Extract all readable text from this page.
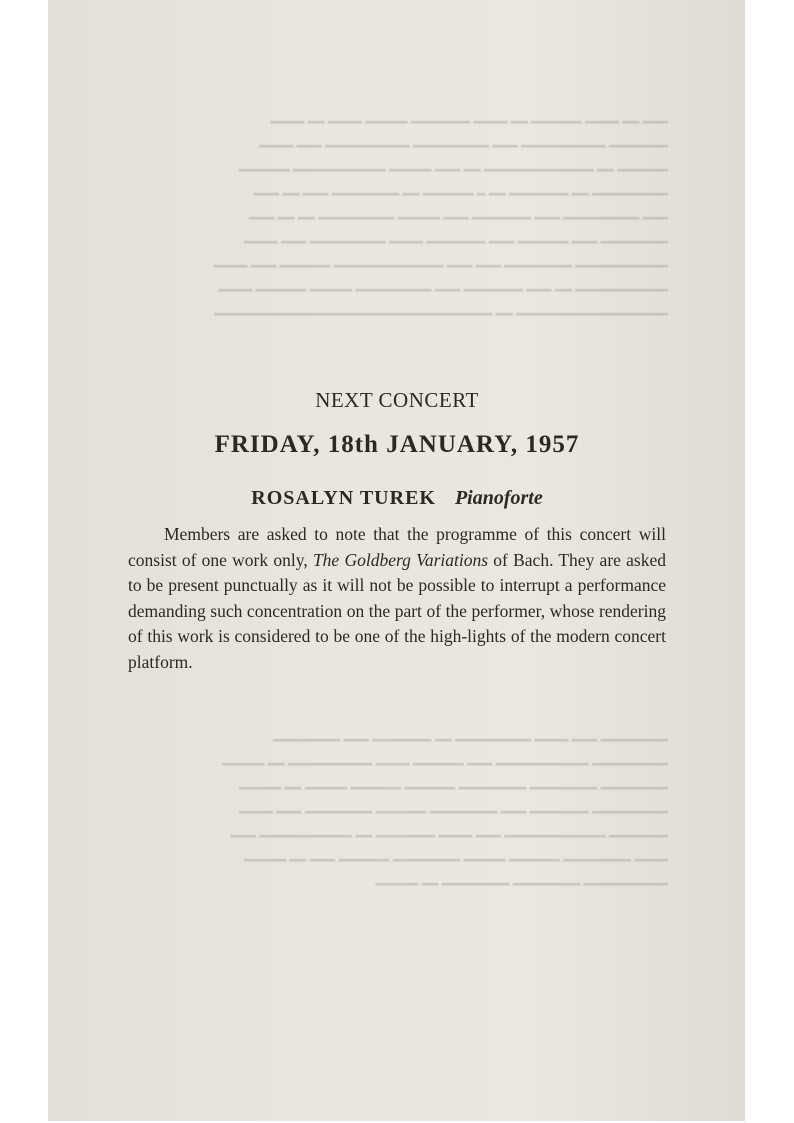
━━━ ━━ ━━━━ ━━━━━━ ━━ ━━━━ ━━━━━━━ ━━━━━ ━━━━ ━━ ━━━━
━━━━━━━ ━━━━━━━━━━ ━━━ ━━━━━━━━━ ━━━━━━━━━━ ━━━ ━━━━
━━━━━━ ━━ ━━━━━━━━━━━━━ ━━ ━━━ ━━━━━ ━━━━━━━━━━━ ━━━━━━
━━━━━━━━━ ━━ ━━━━━━━ ━━ ━ ━━━━━━ ━━ ━━━━━━━━ ━━━ ━━ ━━━
━━━ ━━━━━━━━━ ━━━ ━━━━━━━ ━━━ ━━━━━ ━━━━━━━━━ ━━ ━━ ━━━
━━━━━━━━ ━━━ ━━━━━━ ━━━ ━━━━━━━ ━━━━ ━━━━━━━━━ ━━━ ━━━━
━━━━━━━━━━━ ━━━━━━━━ ━━━ ━━━ ━━━━━━━━━━━━━ ━━━━━━ ━━━ ━━━━
━━━━━━━━━━━ ━━ ━━━ ━━━━━━━ ━━━ ━━━━━━━━━ ━━━━━ ━━━━━━ ━━━━
━━━━━━━━━━━━━━━━━━ ━━ ━━━━━━━━━━━━━━━━━━━━━━━━━━━━━━━━━
━━━━━━━━ ━━━ ━━━━ ━━━━━━━━━ ━━ ━━━━━━━ ━━━ ━━━━━━━━
━━━━━━━━━ ━━━━━━━━━━━ ━━━ ━━━━━━ ━━━━ ━━━━━━━━━━ ━━ ━━━━━
━━━━━━━━ ━━━━━━━━ ━━━━━━━━ ━━━━━━ ━━━━━━ ━━━━━ ━━ ━━━━━
━━━━━━━━━ ━━━━━━━ ━━━ ━━━━━━━━ ━━━━━━ ━━━━━━━━ ━━━ ━━━━
━━━━━━━ ━━━━━━━━━━━━ ━━━ ━━━━ ━━━━━━━ ━━ ━━━━━━━━━━━ ━━━
━━━━ ━━━━━━━━ ━━━━━━ ━━━━━ ━━━━━━━━ ━━━━━━ ━━━ ━━ ━━━━━
━━━━━━━━━━ ━━━━━━━━ ━━━━━━━━ ━━ ━━━━━
NEXT CONCERT
FRIDAY, 18th JANUARY, 1957
ROSALYN TUREK Pianoforte

Members are asked to note that the programme of this concert will consist of one work only, The Goldberg Variations of Bach. They are asked to be present punctually as it will not be possible to interrupt a performance demanding such concentration on the part of the performer, whose rendering of this work is considered to be one of the high-lights of the modern concert platform.
